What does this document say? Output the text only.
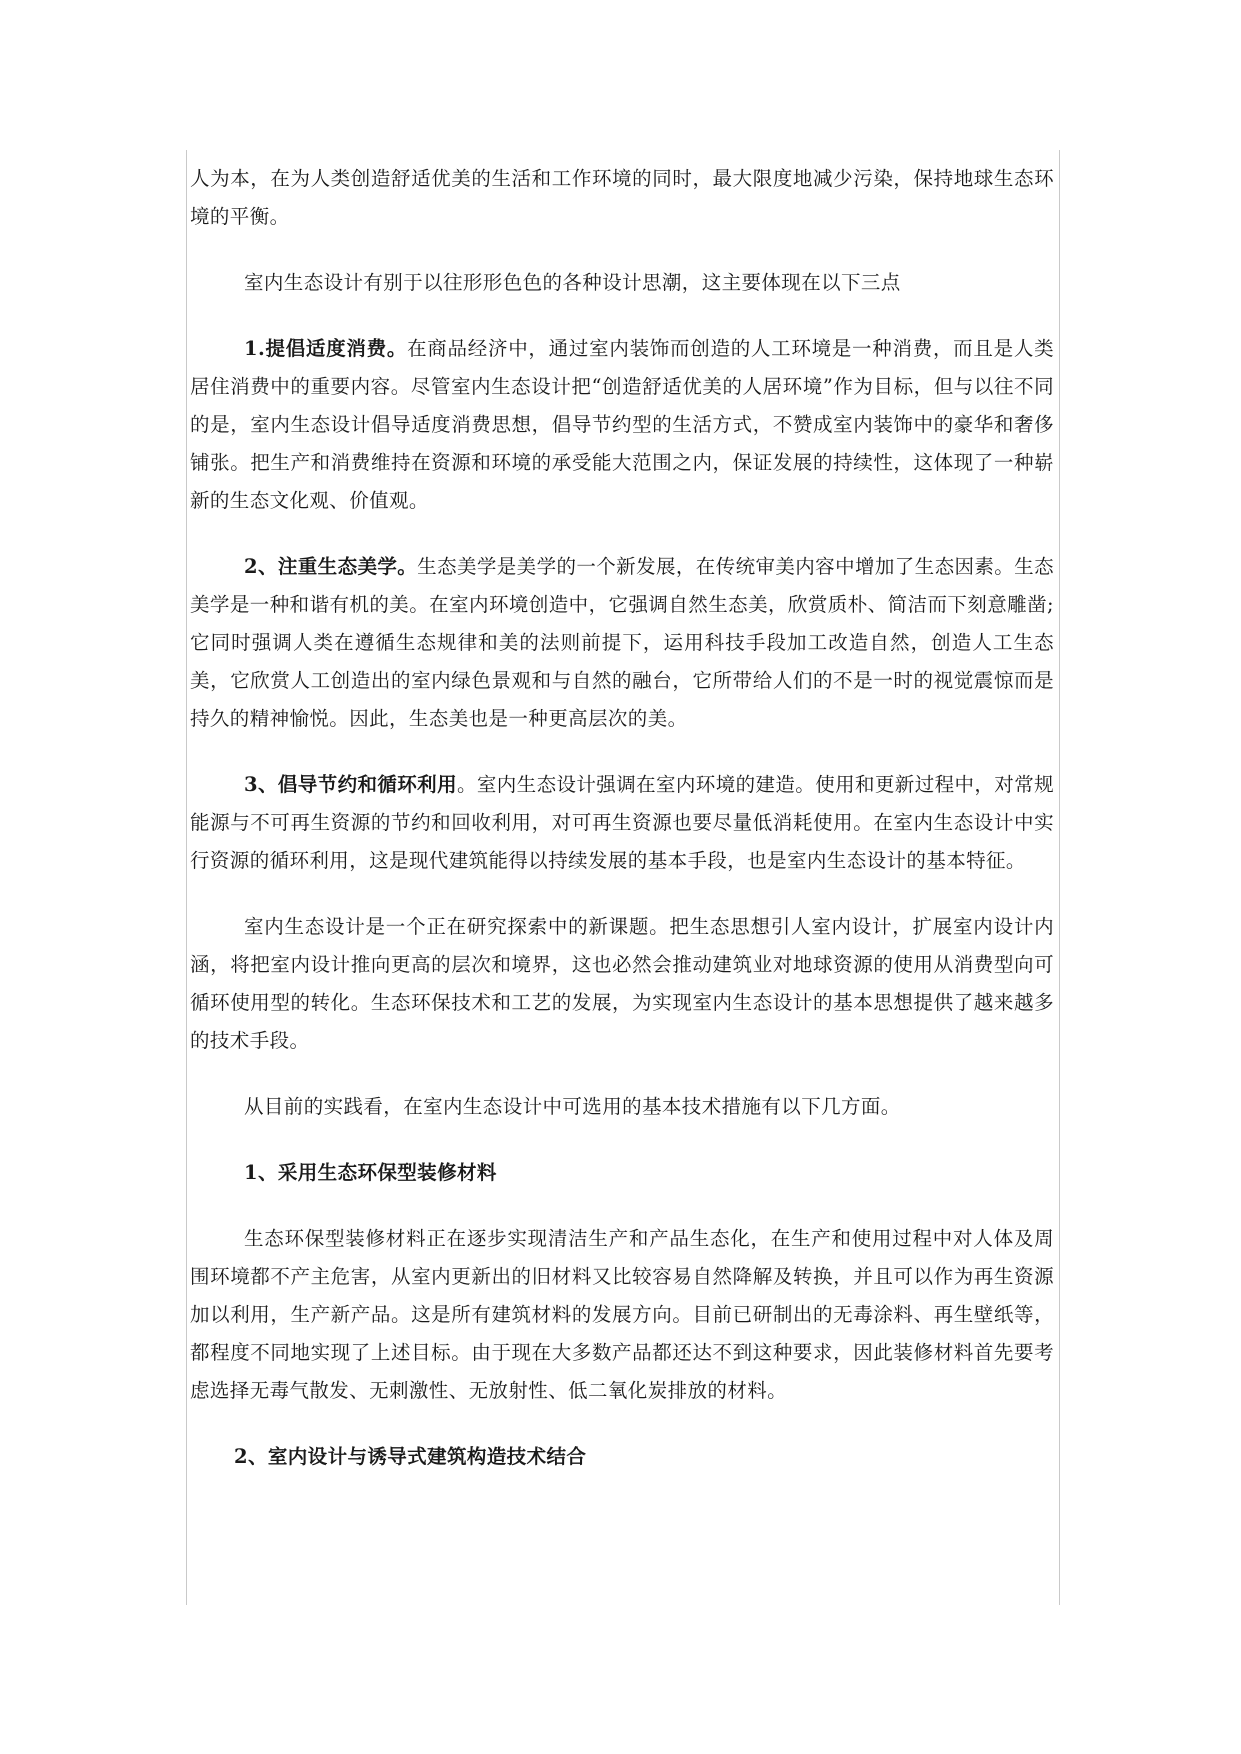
人为本，在为人类创造舒适优美的生活和工作环境的同时，最大限度地减少污染，保持地球生态环境的平衡。

室内生态设计有别于以往形形色色的各种设计思潮，这主要体现在以下三点

1.提倡适度消费。在商品经济中，通过室内装饰而创造的人工环境是一种消费，而且是人类居住消费中的重要内容。尽管室内生态设计把“创造舒适优美的人居环境”作为目标，但与以往不同的是，室内生态设计倡导适度消费思想，倡导节约型的生活方式，不赞成室内装饰中的豪华和奢侈铺张。把生产和消费维持在资源和环境的承受能大范围之内，保证发展的持续性，这体现了一种崭新的生态文化观、价值观。

2、注重生态美学。生态美学是美学的一个新发展，在传统审美内容中增加了生态因素。生态美学是一种和谐有机的美。在室内环境创造中，它强调自然生态美，欣赏质朴、简洁而下刻意雕凿; 它同时强调人类在遵循生态规律和美的法则前提下，运用科技手段加工改造自然，创造人工生态美，它欣赏人工创造出的室内绿色景观和与自然的融台，它所带给人们的不是一时的视觉震惊而是持久的精神愉悦。因此，生态美也是一种更高层次的美。

3、倡导节约和循环利用。室内生态设计强调在室内环境的建造。使用和更新过程中，对常规能源与不可再生资源的节约和回收利用，对可再生资源也要尽量低消耗使用。在室内生态设计中实行资源的循环利用，这是现代建筑能得以持续发展的基本手段，也是室内生态设计的基本特征。

室内生态设计是一个正在研究探索中的新课题。把生态思想引人室内设计，扩展室内设计内涵，将把室内设计推向更高的层次和境界，这也必然会推动建筑业对地球资源的使用从消费型向可循环使用型的转化。生态环保技术和工艺的发展，为实现室内生态设计的基本思想提供了越来越多的技术手段。

从目前的实践看，在室内生态设计中可选用的基本技术措施有以下几方面。

1、采用生态环保型装修材料

生态环保型装修材料正在逐步实现清洁生产和产品生态化，在生产和使用过程中对人体及周围环境都不产主危害，从室内更新出的旧材料又比较容易自然降解及转换，并且可以作为再生资源加以利用，生产新产品。这是所有建筑材料的发展方向。目前已研制出的无毒涂料、再生壁纸等，都程度不同地实现了上述目标。由于现在大多数产品都还达不到这种要求，因此装修材料首先要考虑选择无毒气散发、无刺激性、无放射性、低二氧化炭排放的材料。

2、室内设计与诱导式建筑构造技术结合
